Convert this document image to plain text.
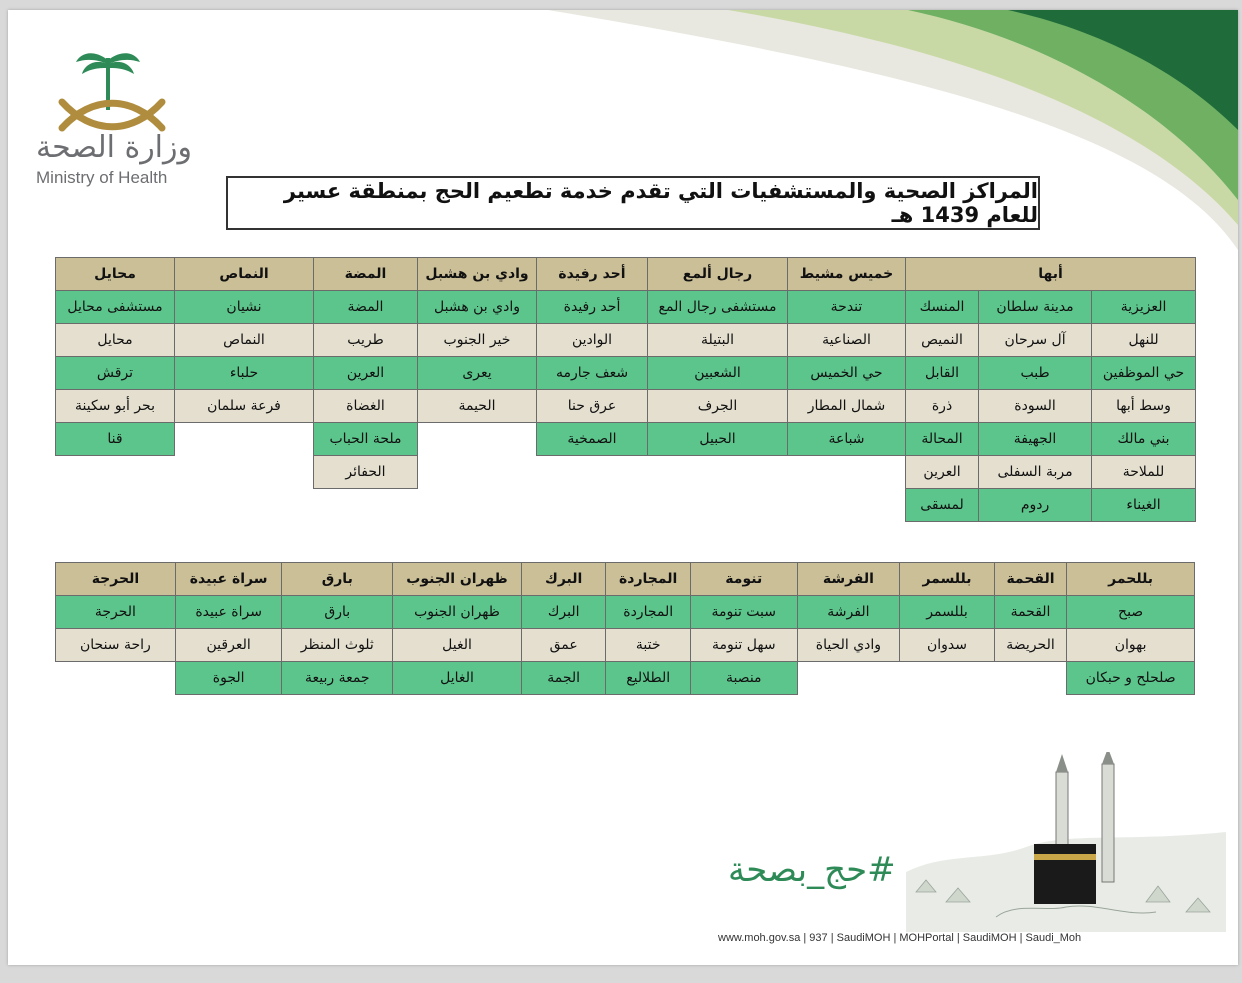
وزارة الصحة
Ministry of Health
المراكز الصحية والمستشفيات التي تقدم خدمة تطعيم الحج بمنطقة عسير للعام 1439 هـ
أبها			خميس مشيط	رجال ألمع	أحد رفيدة	وادي بن هشبل	المضة	النماص	محايل
العزيزية	مدينة سلطان	المنسك	تندحة	مستشفى رجال المع	أحد رفيدة	وادي بن هشبل	المضة	نشيان	مستشفى محايل
للنهل	آل سرحان	النميص	الصناعية	البتيلة	الوادين	خير الجنوب	طريب	النماص	محايل
حي الموظفين	طبب	القابل	حي الخميس	الشعبين	شعف جارمه	يعرى	العرين	حلباء	ترقش
وسط أبها	السودة	ذرة	شمال المطار	الجرف	عرق حنا	الحيمة	الغضاة	فرعة سلمان	بحر أبو سكينة
بني مالك	الجهيفة	المحالة	شباعة	الحبيل	الصمخية		ملحة الحباب		قنا
للملاحة	مربة السفلى	العرين					الحفائر		
الغيناء	ردوم	لمسقى							
بللحمر	القحمة	بللسمر	الفرشة	تنومة	المجاردة	البرك	ظهران الجنوب	بارق	سراة عبيدة	الحرجة
صبح	القحمة	بللسمر	الفرشة	سبت تنومة	المجاردة	البرك	ظهران الجنوب	بارق	سراة عبيدة	الحرجة
بهوان	الحريضة	سدوان	وادي الحياة	سهل تنومة	ختبة	عمق	الغيل	ثلوث المنظر	العرقين	راحة سنحان
صلحلح و حبكان				منصبة	الطلاليع	الجمة	الغايل	جمعة ربيعة	الجوة	
#حج_بصحة
www.moh.gov.sa | 937 | SaudiMOH | MOHPortal | SaudiMOH | Saudi_Moh
